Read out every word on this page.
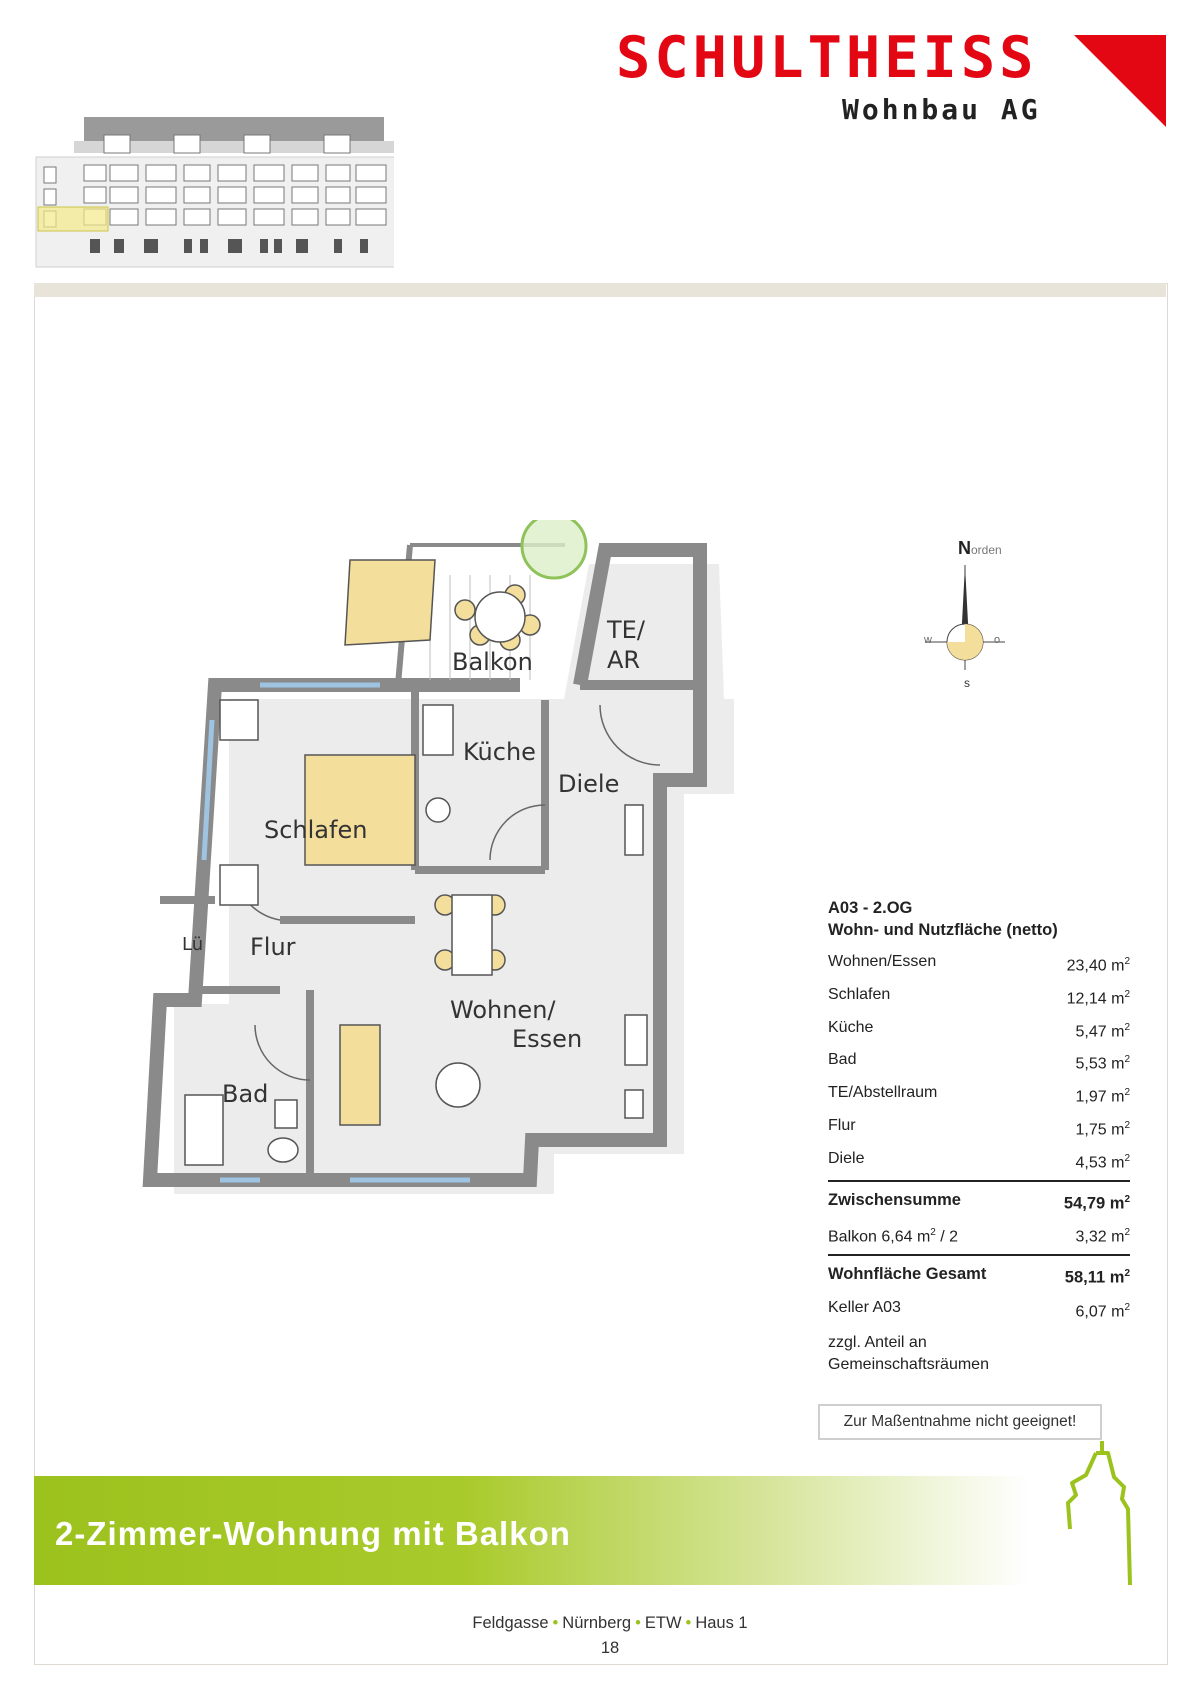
SCHULTHEISS
Wohnbau AG
Schlafen
Küche
Diele
Flur
Lü
Bad
Wohnen/
Essen
Balkon
TE/
AR
Norden
w	o
s
A03 - 2.OG
Wohn- und Nutzfläche (netto)
Wohnen/Essen	23,40 $m^2$
Schlafen	12,14 $m^2$
Küche	5,47 $m^2$
Bad	5,53 $m^2$
TE/Abstellraum	1,97 $m^2$
Flur	1,75 $m^2$
Diele	4,53 $m^2$
Zwischensumme	54,79 $m^2$
Balkon 6,64 $m^2 / 2$	3,32 $m^2$
Wohnfläche Gesamt	58,11 $m^2$
Keller A03	6,07 $m^2$
zzgl. Anteil an
Gemeinschaftsräumen
Zur Maßentnahme nicht geeignet!
2-Zimmer-Wohnung mit Balkon
Feldgasse • Nürnberg • ETW • Haus 1
18
